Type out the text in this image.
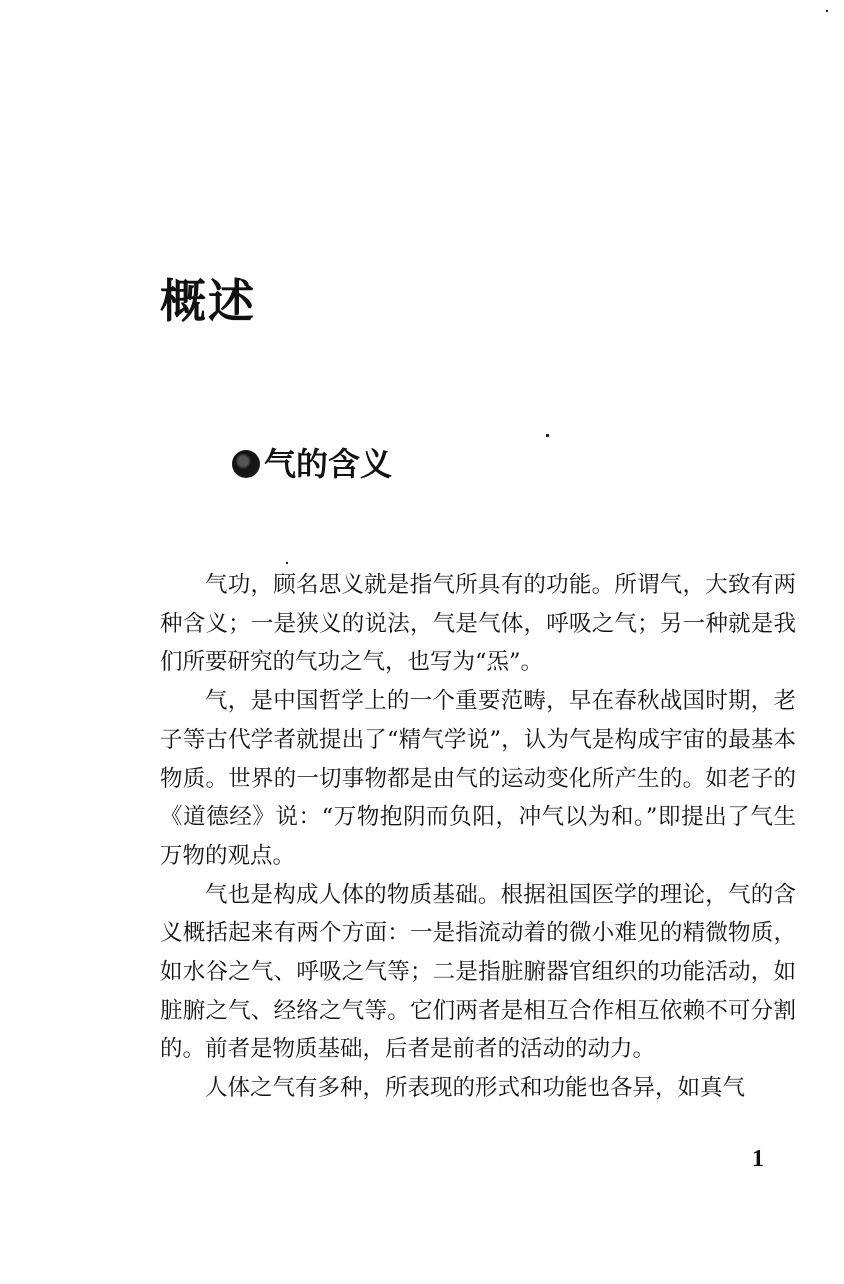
概述
气的含义

气功，顾名思义就是指气所具有的功能。所谓气，大致有两种含义；一是狭义的说法，气是气体，呼吸之气；另一种就是我们所要研究的气功之气，也写为“炁”。

气，是中国哲学上的一个重要范畴，早在春秋战国时期，老子等古代学者就提出了“精气学说”，认为气是构成宇宙的最基本物质。世界的一切事物都是由气的运动变化所产生的。如老子的《道德经》说：“万物抱阴而负阳，冲气以为和。”即提出了气生万物的观点。

气也是构成人体的物质基础。根据祖国医学的理论，气的含义概括起来有两个方面：一是指流动着的微小难见的精微物质，如水谷之气、呼吸之气等；二是指脏腑器官组织的功能活动，如脏腑之气、经络之气等。它们两者是相互合作相互依赖不可分割的。前者是物质基础，后者是前者的活动的动力。

人体之气有多种，所表现的形式和功能也各异，如真气

1
